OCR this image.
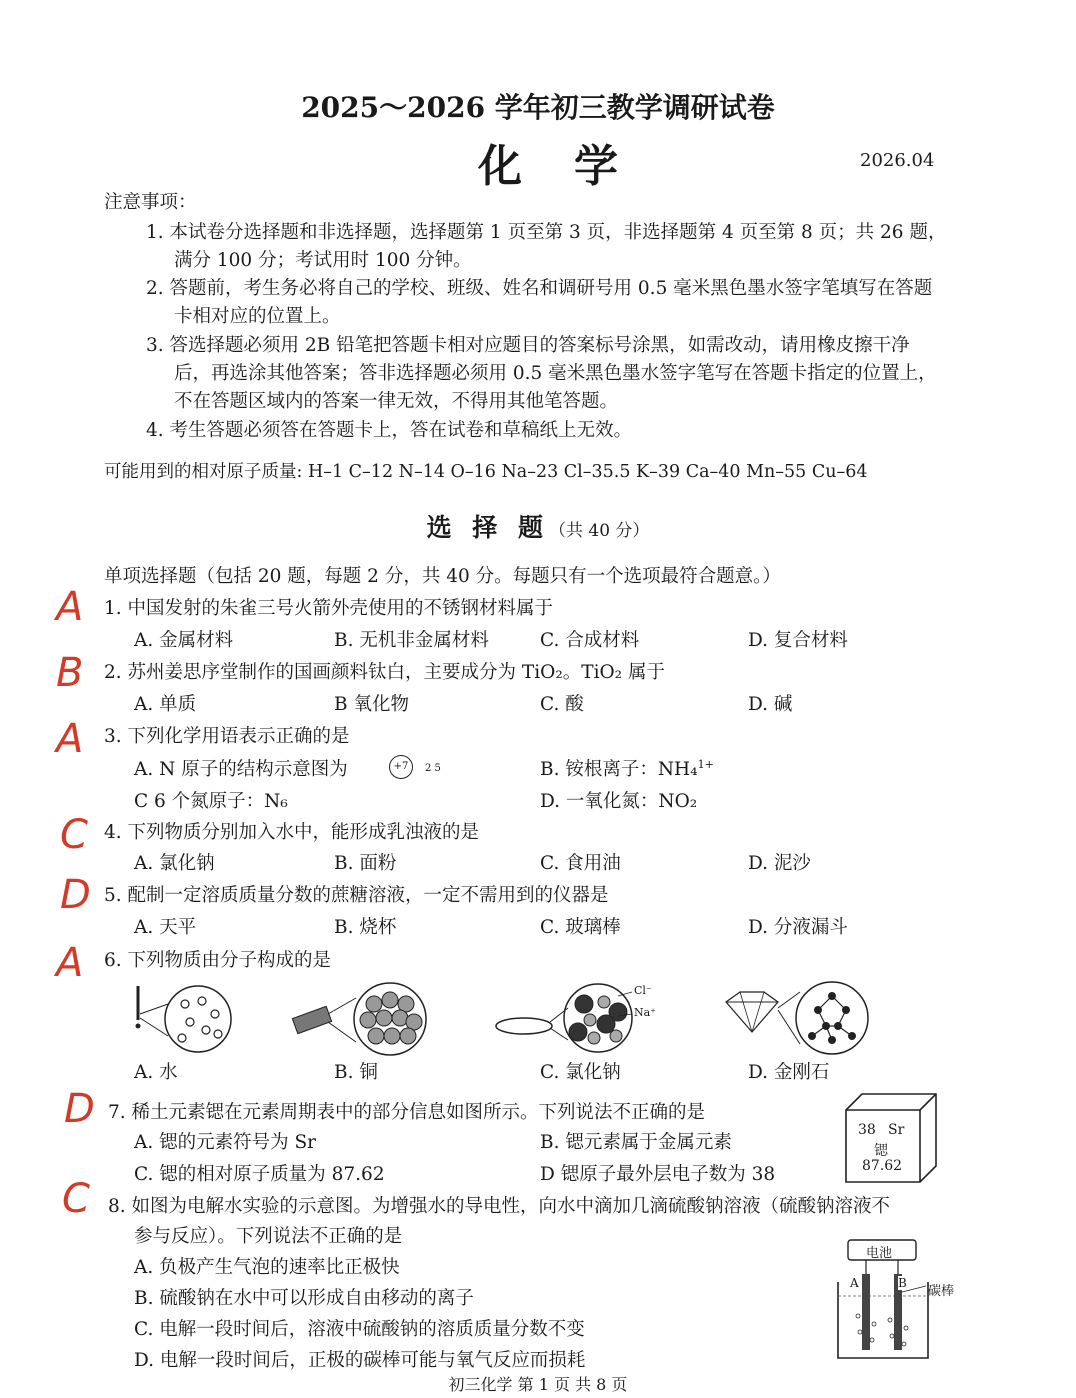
2025～2026 学年初三教学调研试卷
化学	2026.04
注意事项：
1. 本试卷分选择题和非选择题，选择题第 1 页至第 3 页，非选择题第 4 页至第 8 页；共 26 题，
满分 100 分；考试用时 100 分钟。
2. 答题前，考生务必将自己的学校、班级、姓名和调研号用 0.5 毫米黑色墨水签字笔填写在答题
卡相对应的位置上。
3. 答选择题必须用 2B 铅笔把答题卡相对应题目的答案标号涂黑，如需改动，请用橡皮擦干净
后，再选涂其他答案；答非选择题必须用 0.5 毫米黑色墨水签字笔写在答题卡指定的位置上，
不在答题区域内的答案一律无效，不得用其他笔答题。
4. 考生答题必须答在答题卡上，答在试卷和草稿纸上无效。
可能用到的相对原子质量: H–1 C–12 N–14 O–16 Na–23 Cl–35.5 K–39 Ca–40 Mn–55 Cu–64
选 择 题（共 40 分）
单项选择题（包括 20 题，每题 2 分，共 40 分。每题只有一个选项最符合题意。）
A
B
A
C
D
A
D
C
1. 中国发射的朱雀三号火箭外壳使用的不锈钢材料属于
A. 金属材料	B. 无机非金属材料	C. 合成材料	D. 复合材料
2. 苏州姜思序堂制作的国画颜料钛白，主要成分为 TiO₂。TiO₂ 属于
A. 单质	B 氧化物	C. 酸	D. 碱
3. 下列化学用语表示正确的是
A. N 原子的结构示意图为	+7	2 5	B. 铵根离子：NH₄$^{1+}$
C 6 个氮原子：N₆	D. 一氧化氮：NO₂
4. 下列物质分别加入水中，能形成乳浊液的是
A. 氯化钠	B. 面粉	C. 食用油	D. 泥沙
5. 配制一定溶质质量分数的蔗糖溶液，一定不需用到的仪器是
A. 天平	B. 烧杯	C. 玻璃棒	D. 分液漏斗
6. 下列物质由分子构成的是
Cl⁻
Na⁺
A. 水	B. 铜	C. 氯化钠	D. 金刚石
7. 稀土元素锶在元素周期表中的部分信息如图所示。下列说法不正确的是
A. 锶的元素符号为 Sr	B. 锶元素属于金属元素
C. 锶的相对原子质量为 87.62	D 锶原子最外层电子数为 38
38 Sr
锶
87.62
8. 如图为电解水实验的示意图。为增强水的导电性，向水中滴加几滴硫酸钠溶液（硫酸钠溶液不
参与反应）。下列说法不正确的是
A. 负极产生气泡的速率比正极快
B. 硫酸钠在水中可以形成自由移动的离子
C. 电解一段时间后，溶液中硫酸钠的溶质质量分数不变
D. 电解一段时间后，正极的碳棒可能与氧气反应而损耗
电池
A	B
碳棒
初三化学 第 1 页 共 8 页
